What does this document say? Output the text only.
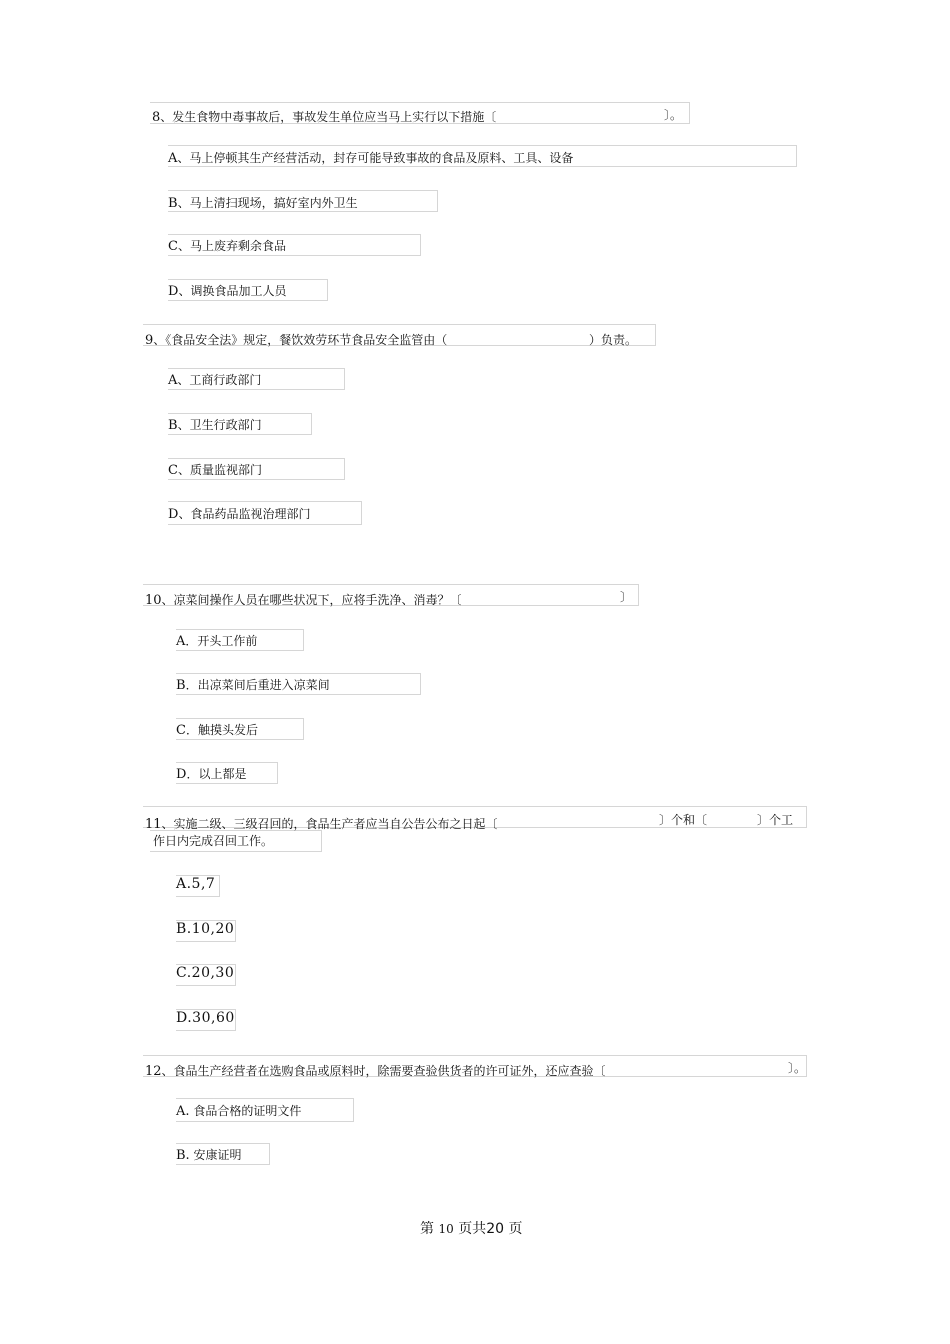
8、发生食物中毒事故后，事故发生单位应当马上实行以下措施〔	〕。
A、马上停顿其生产经营活动，封存可能导致事故的食品及原料、工具、设备
B、马上清扫现场，搞好室内外卫生
C、马上废弃剩余食品
D、调换食品加工人员
9、《食品安全法》规定，餐饮效劳环节食品安全监管由（	）负责。
A、工商行政部门
B、卫生行政部门
C、质量监视部门
D、食品药品监视治理部门
10、凉菜间操作人员在哪些状况下，应将手洗净、消毒？〔	〕
A．开头工作前
B．出凉菜间后重进入凉菜间
C．触摸头发后
D．以上都是
11、实施二级、三级召回的，食品生产者应当自公告公布之日起〔	〕个和〔	〕个工
作日内完成召回工作。
A.5,7
B.10,20
C.20,30
D.30,60
12、食品生产经营者在选购食品或原料时，除需要查验供货者的许可证外，还应查验〔	〕。
A. 食品合格的证明文件
B. 安康证明
第 10 页共20 页
